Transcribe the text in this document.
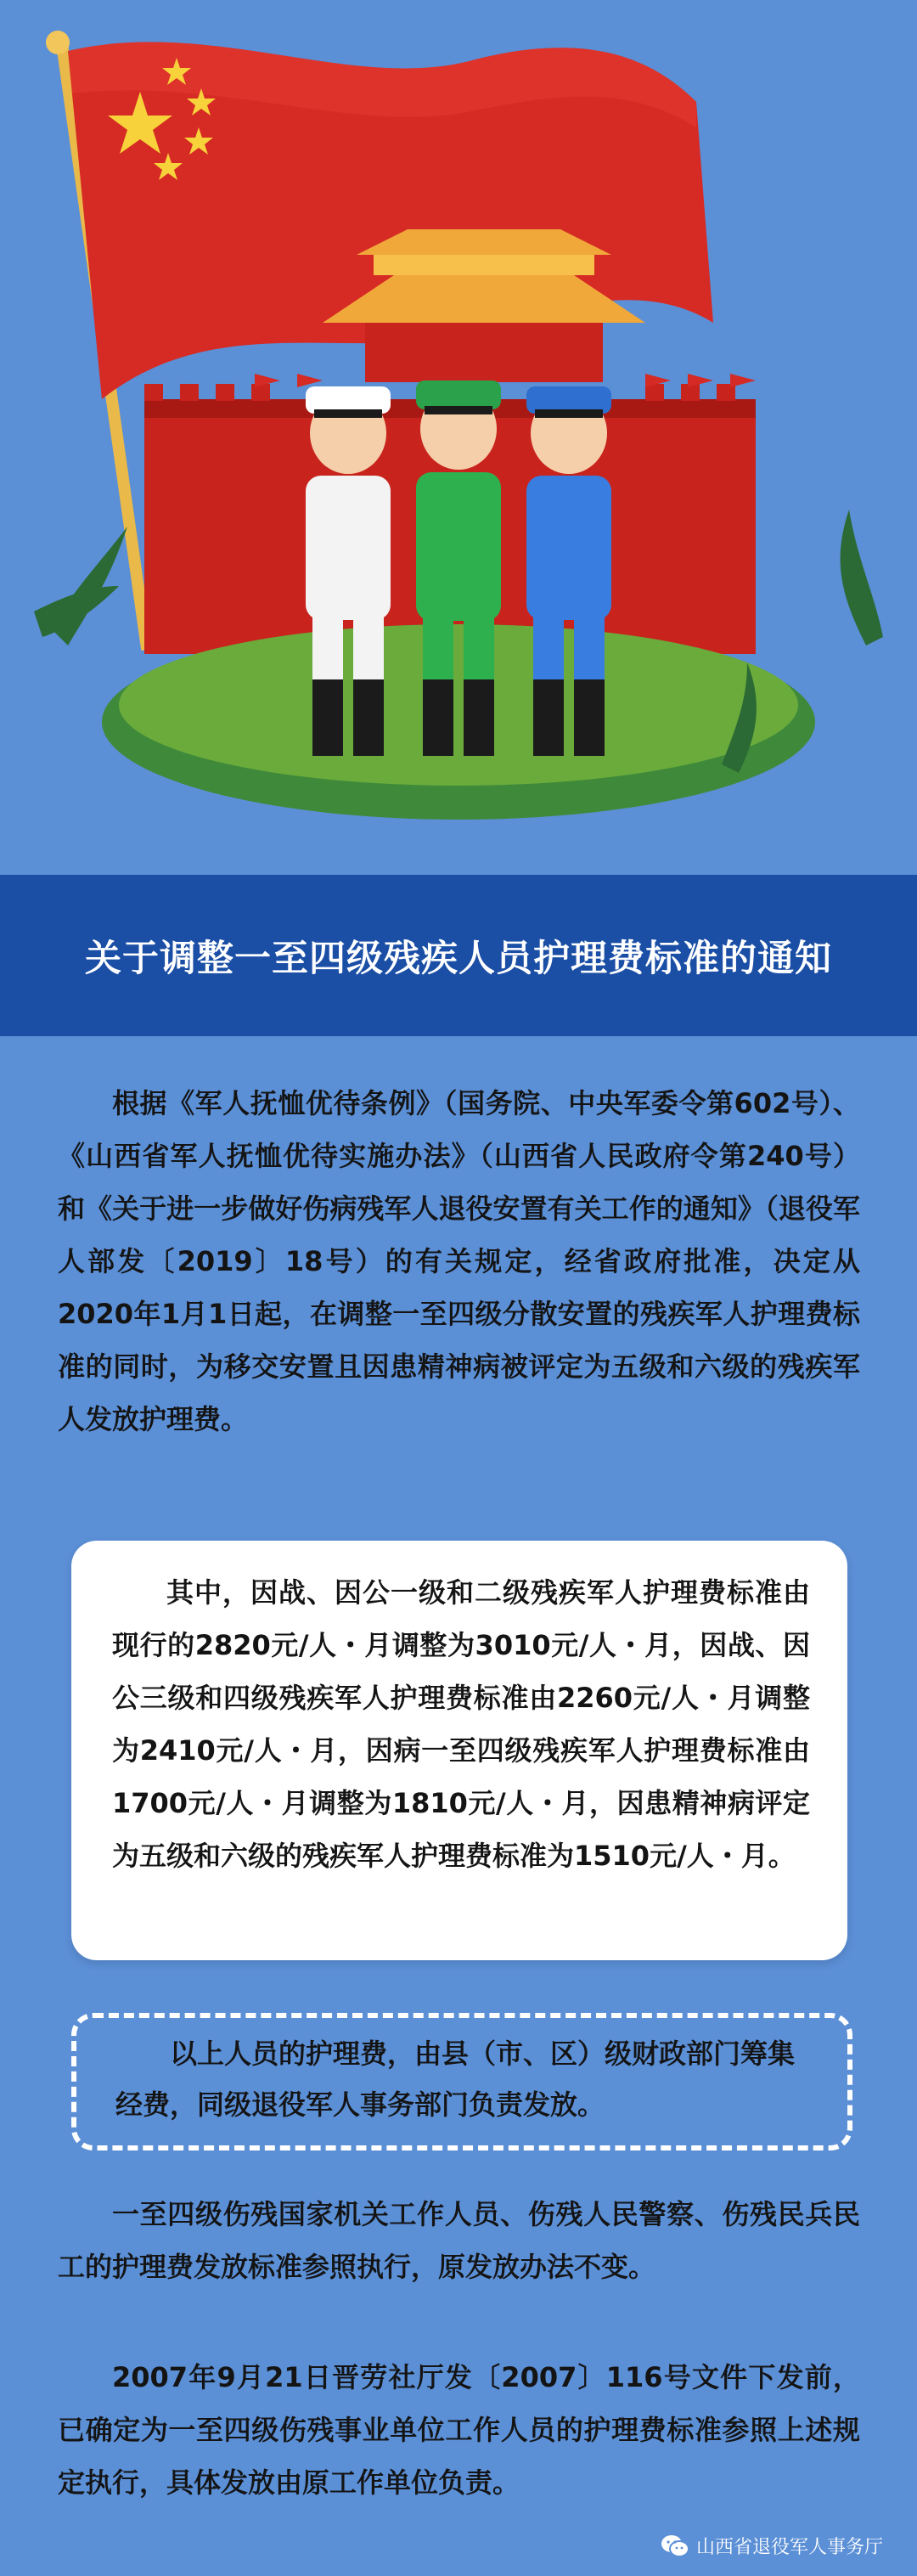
关于调整一至四级残疾人员护理费标准的通知
根据《军人抚恤优待条例》（国务院、中央军委令第602号）、《山西省军人抚恤优待实施办法》（山西省人民政府令第240号）和《关于进一步做好伤病残军人退役安置有关工作的通知》（退役军人部发〔2019〕18号）的有关规定，经省政府批准，决定从2020年1月1日起，在调整一至四级分散安置的残疾军人护理费标准的同时，为移交安置且因患精神病被评定为五级和六级的残疾军人发放护理费。
其中，因战、因公一级和二级残疾军人护理费标准由现行的2820元/人・月调整为3010元/人・月，因战、因公三级和四级残疾军人护理费标准由2260元/人・月调整为2410元/人・月，因病一至四级残疾军人护理费标准由1700元/人・月调整为1810元/人・月，因患精神病评定为五级和六级的残疾军人护理费标准为1510元/人・月。
以上人员的护理费，由县（市、区）级财政部门筹集经费，同级退役军人事务部门负责发放。
一至四级伤残国家机关工作人员、伤残人民警察、伤残民兵民工的护理费发放标准参照执行，原发放办法不变。
2007年9月21日晋劳社厅发〔2007〕116号文件下发前，已确定为一至四级伤残事业单位工作人员的护理费标准参照上述规定执行，具体发放由原工作单位负责。
山西省退役军人事务厅
